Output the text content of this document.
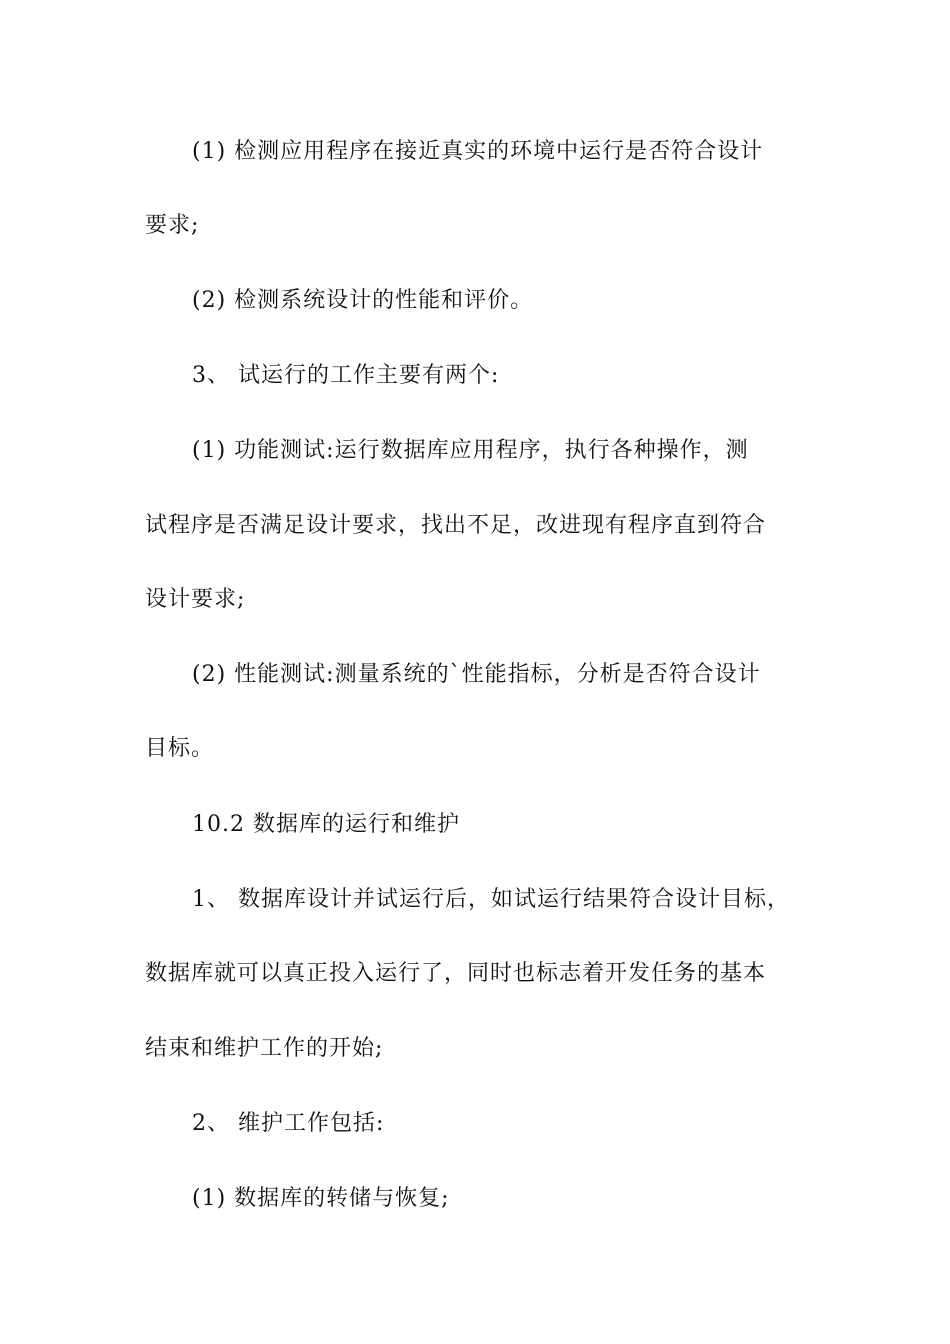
(1) 检测应用程序在接近真实的环境中运行是否符合设计
要求;
(2) 检测系统设计的性能和评价。
3、 试运行的工作主要有两个:
(1) 功能测试:运行数据库应用程序，执行各种操作，测
试程序是否满足设计要求，找出不足，改进现有程序直到符合
设计要求;
(2) 性能测试:测量系统的`性能指标，分析是否符合设计
目标。
10.2 数据库的运行和维护
1、 数据库设计并试运行后，如试运行结果符合设计目标，
数据库就可以真正投入运行了，同时也标志着开发任务的基本
结束和维护工作的开始;
2、 维护工作包括:
(1) 数据库的转储与恢复;
